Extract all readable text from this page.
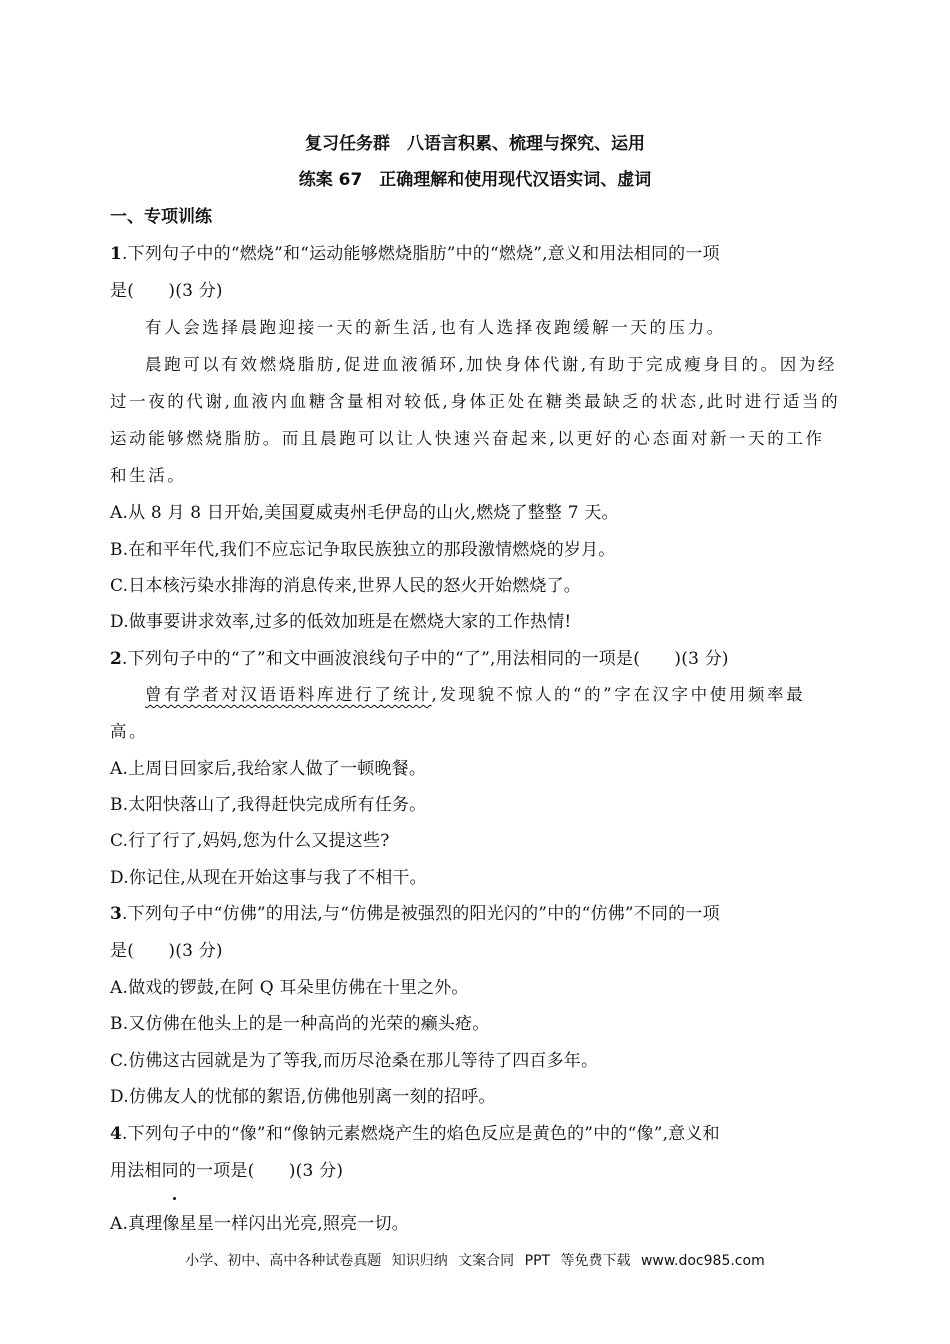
复习任务群　八语言积累、梳理与探究、运用
练案 67　正确理解和使用现代汉语实词、虚词
一、专项训练
1.下列句子中的“燃烧”和“运动能够燃烧脂肪”中的“燃烧”,意义和用法相同的一项
是(　　)(3 分)
有人会选择晨跑迎接一天的新生活,也有人选择夜跑缓解一天的压力。
晨跑可以有效燃烧脂肪,促进血液循环,加快身体代谢,有助于完成瘦身目的。因为经
过一夜的代谢,血液内血糖含量相对较低,身体正处在糖类最缺乏的状态,此时进行适当的
运动能够燃烧脂肪。而且晨跑可以让人快速兴奋起来,以更好的心态面对新一天的工作
和生活。
A.从 8 月 8 日开始,美国夏威夷州毛伊岛的山火,燃烧了整整 7 天。
B.在和平年代,我们不应忘记争取民族独立的那段激情燃烧的岁月。
C.日本核污染水排海的消息传来,世界人民的怒火开始燃烧了。
D.做事要讲求效率,过多的低效加班是在燃烧大家的工作热情!
2.下列句子中的“了”和文中画波浪线句子中的“了”,用法相同的一项是(　　)(3 分)
曾有学者对汉语语料库进行了统计,发现貌不惊人的“的”字在汉字中使用频率最
高。
A.上周日回家后,我给家人做了一顿晚餐。
B.太阳快落山了,我得赶快完成所有任务。
C.行了行了,妈妈,您为什么又提这些?
D.你记住,从现在开始这事与我了不相干。
3.下列句子中“仿佛”的用法,与“仿佛是被强烈的阳光闪的”中的“仿佛”不同的一项
是(　　)(3 分)
A.做戏的锣鼓,在阿 Q 耳朵里仿佛在十里之外。
B.又仿佛在他头上的是一种高尚的光荣的癞头疮。
C.仿佛这古园就是为了等我,而历尽沧桑在那儿等待了四百多年。
D.仿佛友人的忧郁的絮语,仿佛他别离一刻的招呼。
4.下列句子中的“像”和“像钠元素燃烧产生的焰色反应是黄色的”中的“像”,意义和
用法相同的一项是(　　)(3 分)
A.真理像星星一样闪出光亮,照亮一切。
小学、初中、高中各种试卷真题 知识归纳 文案合同 PPT 等免费下载 www.doc985.com
